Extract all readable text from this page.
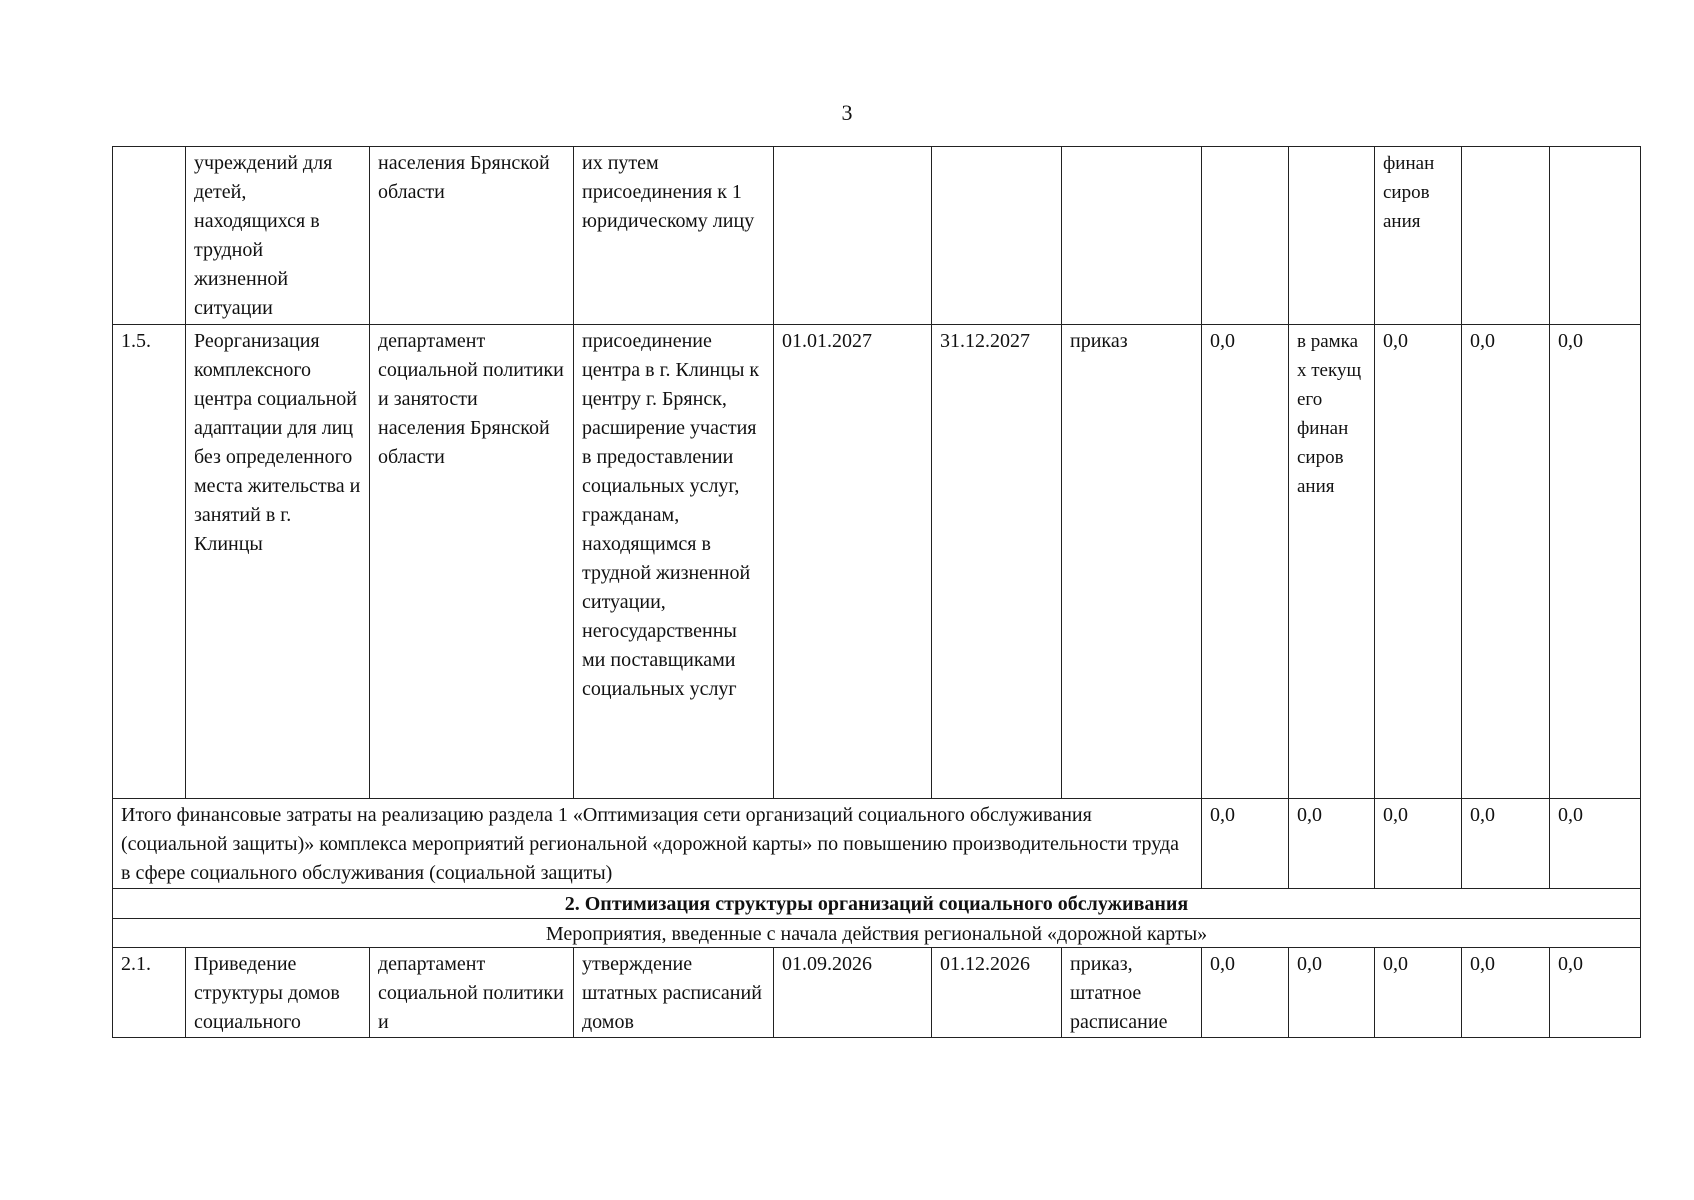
3
	учреждений для детей, находящихся в трудной жизненной ситуации	населения Брянской области	их путем присоединения к 1 юридическому лицу						финан сиров ания		
1.5.	Реорганизация комплексного центра социальной адаптации для лиц без определенного места жительства и занятий в г. Клинцы	департамент социальной политики и занятости населения Брянской области	присоединение центра в г. Клинцы к центру г. Брянск, расширение участия в предоставлении социальных услуг, гражданам, находящимся в трудной жизненной ситуации, негосударственны ми поставщиками социальных услуг	01.01.2027	31.12.2027	приказ	0,0	в рамка х текущ его финан сиров ания	0,0	0,0	0,0
Итого финансовые затраты на реализацию раздела 1 «Оптимизация сети организаций социального обслуживания (социальной защиты)» комплекса мероприятий региональной «дорожной карты» по повышению производительности труда в сфере социального обслуживания (социальной защиты)							0,0	0,0	0,0	0,0	0,0
2. Оптимизация структуры организаций социального обслуживания											
Мероприятия, введенные с начала действия региональной «дорожной карты»											
2.1.	Приведение структуры домов социального	департамент социальной политики и	утверждение штатных расписаний домов	01.09.2026	01.12.2026	приказ, штатное расписание	0,0	0,0	0,0	0,0	0,0
